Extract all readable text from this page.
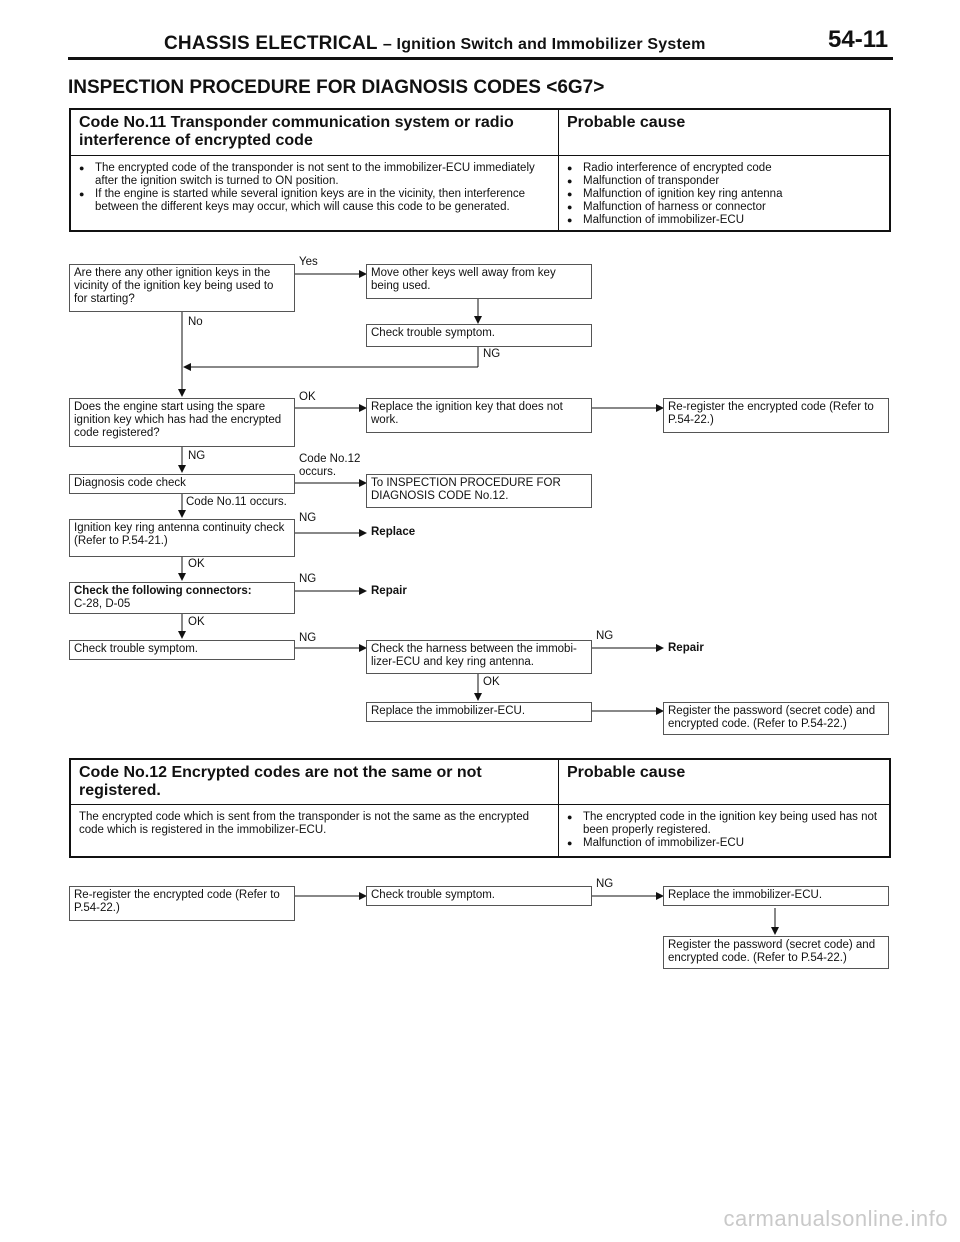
CHASSIS ELECTRICAL – Ignition Switch and Immobilizer System	54-11
INSPECTION PROCEDURE FOR DIAGNOSIS CODES <6G7>
Code No.11 Transponder communication system or radio
interference of encrypted code
Probable cause
● The encrypted code of the transponder is not sent to the immobilizer-ECU immediately after the ignition switch is turned to ON position.
● If the engine is started while several ignition keys are in the vicinity, then interference between the different keys may occur, which will cause this code to be generated.
● Radio interference of encrypted code
● Malfunction of transponder
● Malfunction of ignition key ring antenna
● Malfunction of harness or connector
● Malfunction of immobilizer-ECU
Are there any other ignition keys in the vicinity of the ignition key being used to for starting?
Yes
Move other keys well away from key being used.
No
Check trouble symptom.
NG
Does the engine start using the spare ignition key which has had the encrypted code registered?
OK
Replace the ignition key that does not work.
Re-register the encrypted code (Refer to P.54-22.)
NG	Code No.12 occurs.
Diagnosis code check	To INSPECTION PROCEDURE FOR DIAGNOSIS CODE No.12.
Code No.11 occurs.
Ignition key ring antenna continuity check (Refer to P.54-21.)
NG
Replace
OK
Check the following connectors:
C-28, D-05
NG
Repair
OK
Check trouble symptom.
NG
Check the harness between the immobi-lizer-ECU and key ring antenna.
NG
Repair
OK
Replace the immobilizer-ECU.	Register the password (secret code) and encrypted code. (Refer to P.54-22.)
Code No.12 Encrypted codes are not the same or not
registered.
Probable cause
The encrypted code which is sent from the transponder is not the same as the encrypted code which is registered in the immobilizer-ECU.
● The encrypted code in the ignition key being used has not been properly registered.
● Malfunction of immobilizer-ECU
Re-register the encrypted code (Refer to P.54-22.)
Check trouble symptom.
NG
Replace the immobilizer-ECU.
Register the password (secret code) and encrypted code. (Refer to P.54-22.)
carmanualsonline.info
